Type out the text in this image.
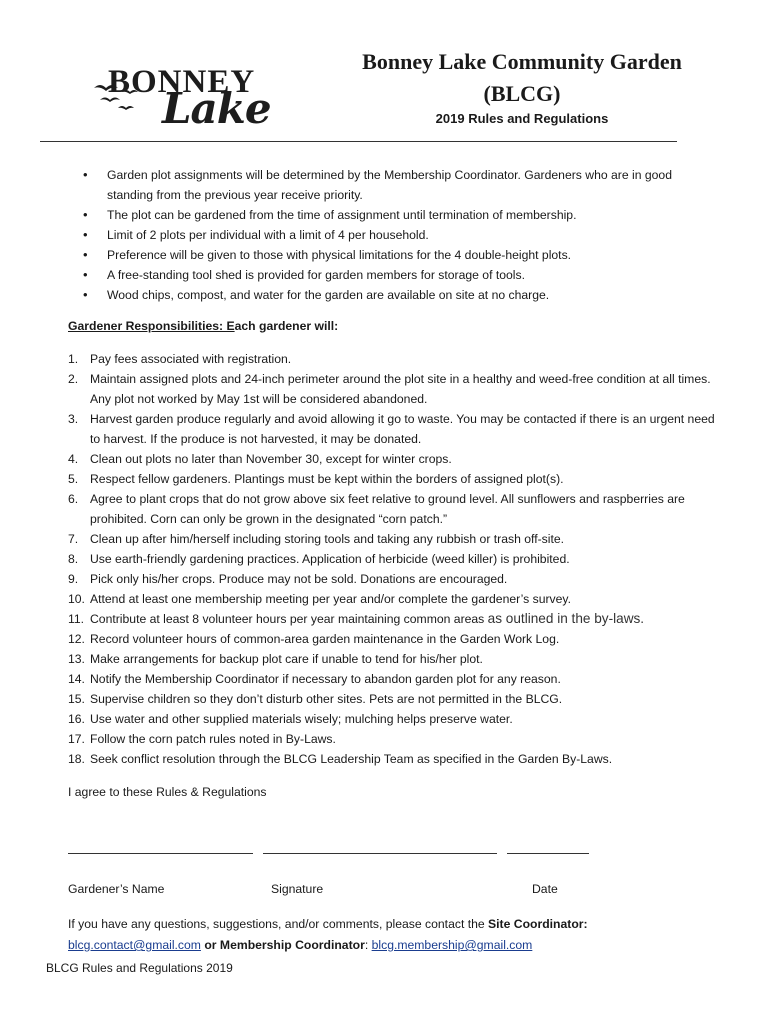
BONNEY
Lake
Bonney Lake Community Garden
(BLCG)
2019 Rules and Regulations
• Garden plot assignments will be determined by the Membership Coordinator. Gardeners who are in good standing from the previous year receive priority.
• The plot can be gardened from the time of assignment until termination of membership.
• Limit of 2 plots per individual with a limit of 4 per household.
• Preference will be given to those with physical limitations for the 4 double-height plots.
• A free-standing tool shed is provided for garden members for storage of tools.
• Wood chips, compost, and water for the garden are available on site at no charge.
Gardener Responsibilities: Each gardener will:
1. Pay fees associated with registration.
2. Maintain assigned plots and 24-inch perimeter around the plot site in a healthy and weed-free condition at all times. Any plot not worked by May 1st will be considered abandoned.
3. Harvest garden produce regularly and avoid allowing it go to waste. You may be contacted if there is an urgent need to harvest. If the produce is not harvested, it may be donated.
4. Clean out plots no later than November 30, except for winter crops.
5. Respect fellow gardeners. Plantings must be kept within the borders of assigned plot(s).
6. Agree to plant crops that do not grow above six feet relative to ground level. All sunflowers and raspberries are prohibited. Corn can only be grown in the designated “corn patch.”
7. Clean up after him/herself including storing tools and taking any rubbish or trash off-site.
8. Use earth-friendly gardening practices. Application of herbicide (weed killer) is prohibited.
9. Pick only his/her crops. Produce may not be sold. Donations are encouraged.
10. Attend at least one membership meeting per year and/or complete the gardener’s survey.
11. Contribute at least 8 volunteer hours per year maintaining common areas as outlined in the by-laws.
12. Record volunteer hours of common-area garden maintenance in the Garden Work Log.
13. Make arrangements for backup plot care if unable to tend for his/her plot.
14. Notify the Membership Coordinator if necessary to abandon garden plot for any reason.
15. Supervise children so they don’t disturb other sites. Pets are not permitted in the BLCG.
16. Use water and other supplied materials wisely; mulching helps preserve water.
17. Follow the corn patch rules noted in By-Laws.
18. Seek conflict resolution through the BLCG Leadership Team as specified in the Garden By-Laws.
I agree to these Rules & Regulations
Gardener’s Name	Signature	Date
If you have any questions, suggestions, and/or comments, please contact the Site Coordinator:
blcg.contact@gmail.com or Membership Coordinator: blcg.membership@gmail.com
BLCG Rules and Regulations 2019
